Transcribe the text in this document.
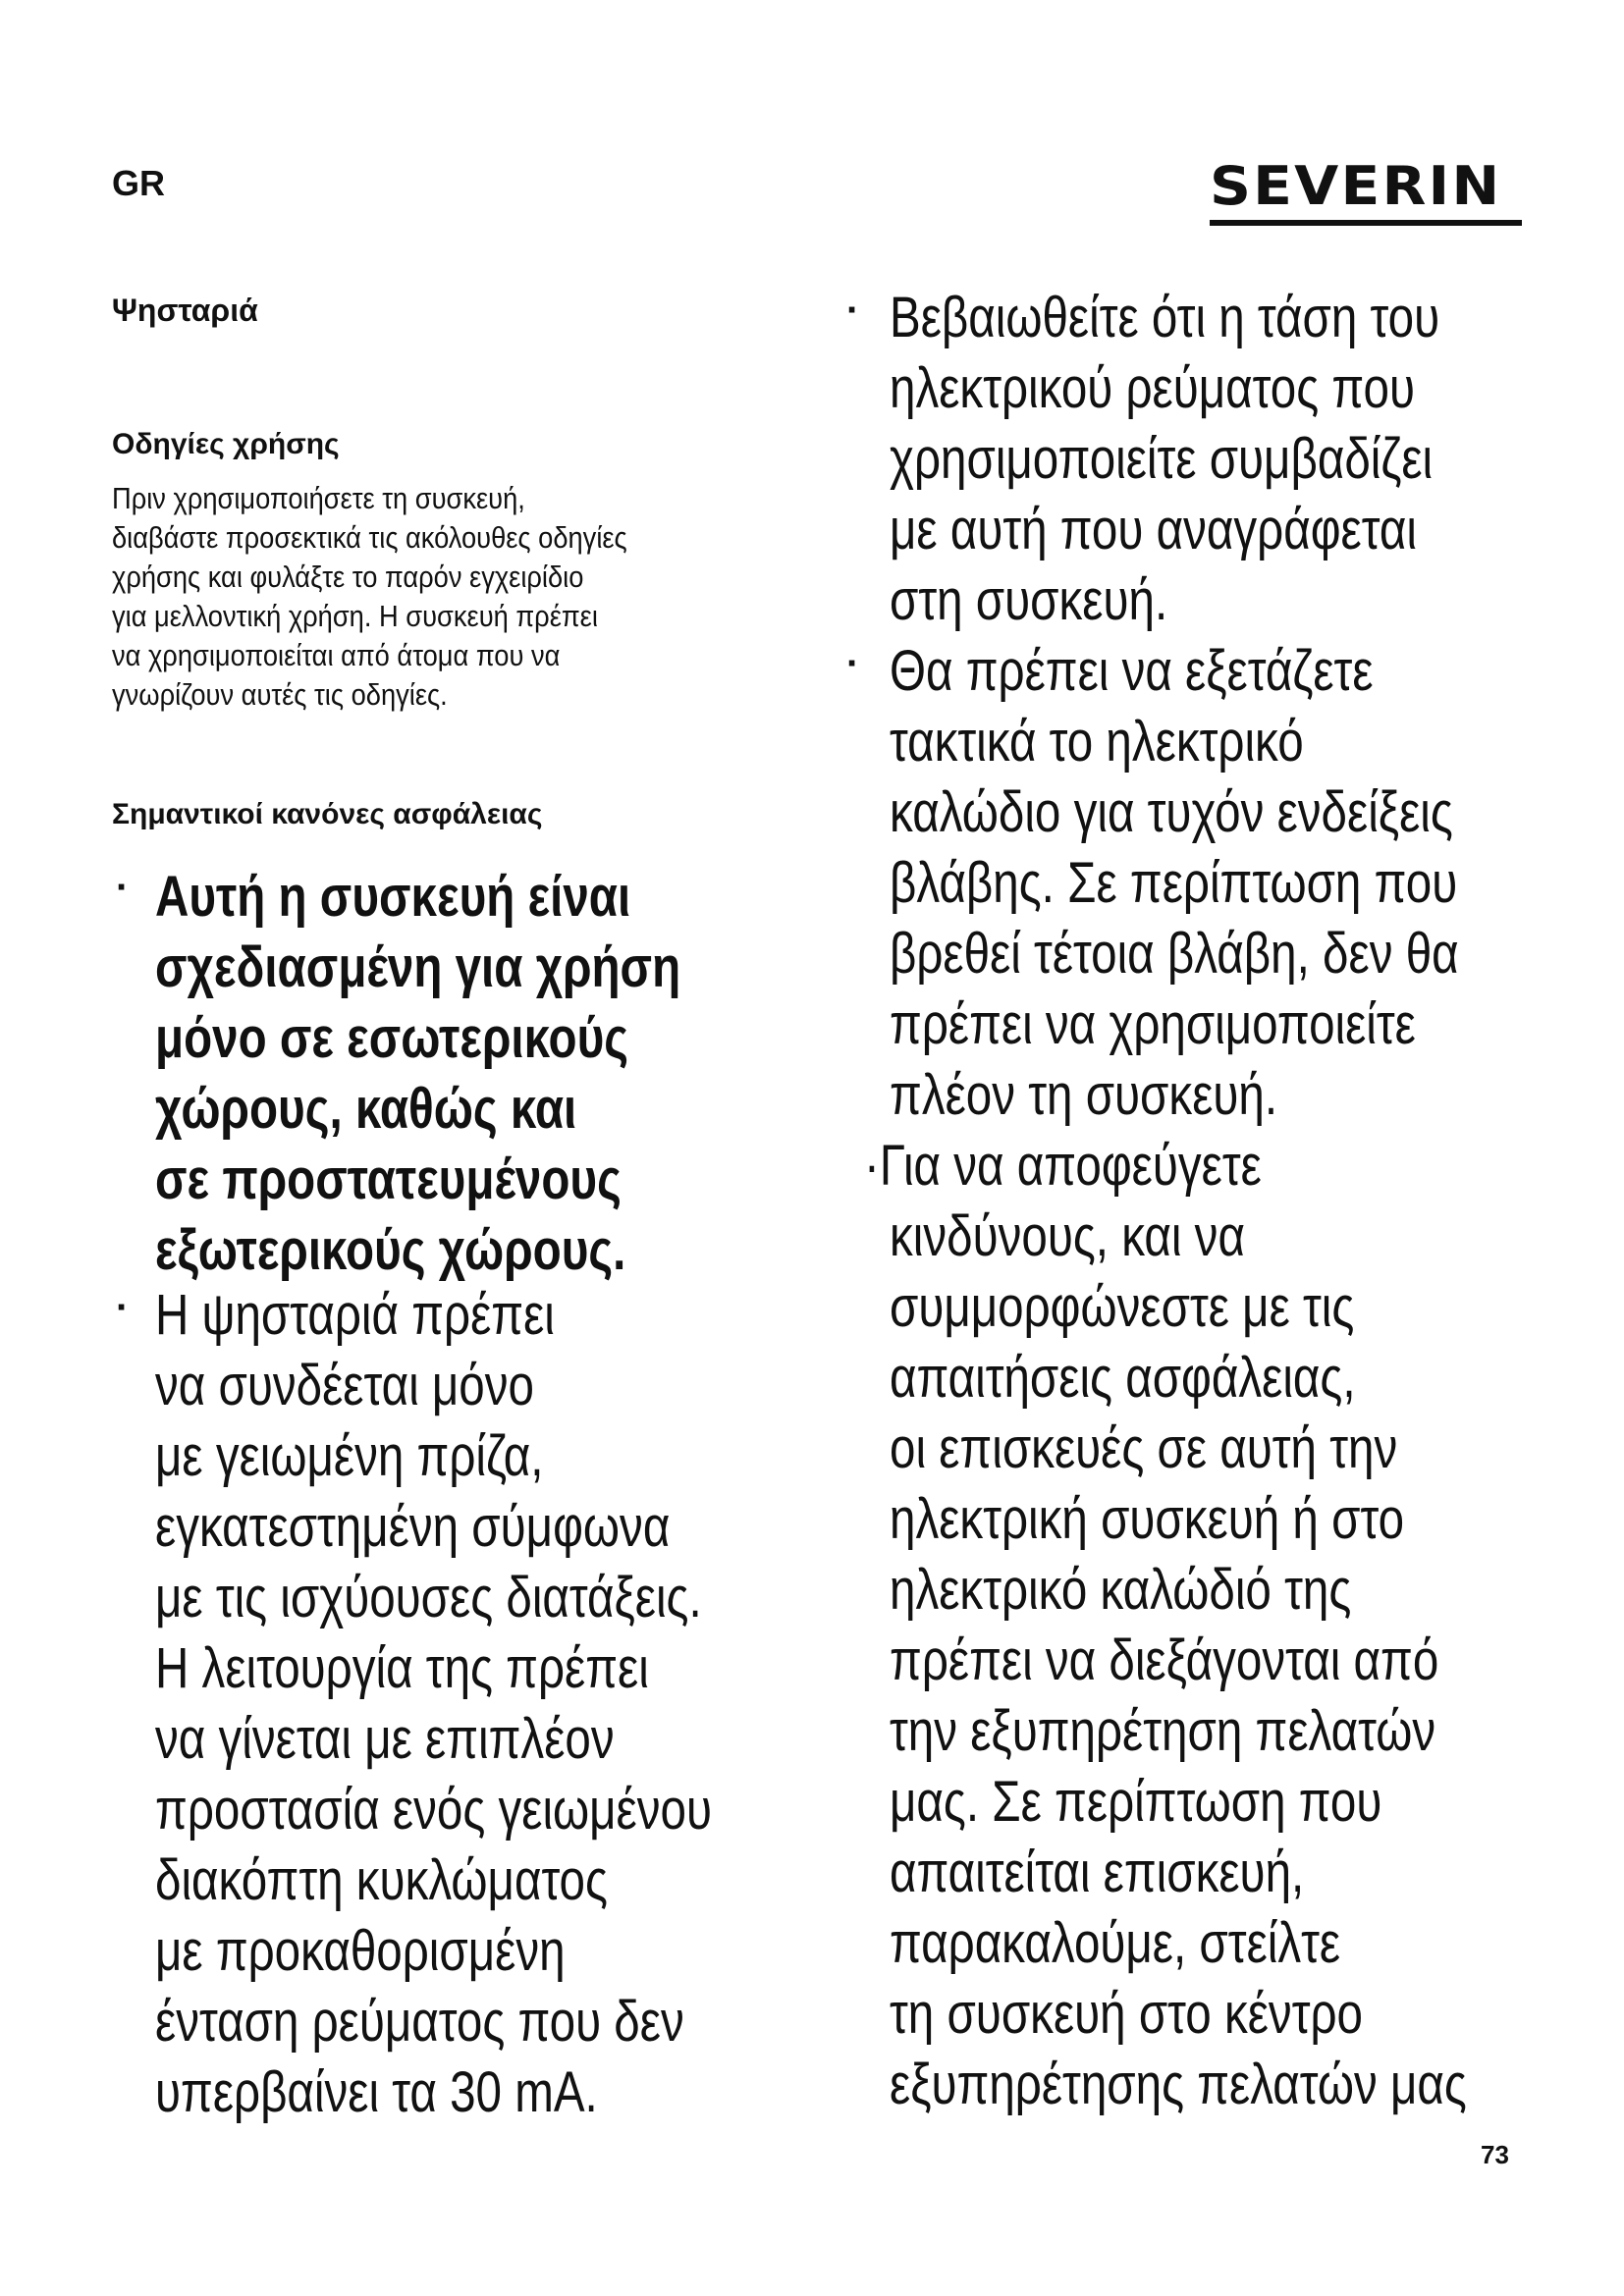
GR	SEVERIN
Ψησταριά
Οδηγίες χρήσης
Πριν χρησιμοποιήσετε τη συσκευή,
διαβάστε προσεκτικά τις ακόλουθες οδηγίες
χρήσης και φυλάξτε το παρόν εγχειρίδιο
για μελλοντική χρήση. Η συσκευή πρέπει
να χρησιμοποιείται από άτομα που να
γνωρίζουν αυτές τις οδηγίες.
Σημαντικοί κανόνες ασφάλειας
· Αυτή η συσκευή είναι
σχεδιασμένη για χρήση
μόνο σε εσωτερικούς
χώρους, καθώς και
σε προστατευμένους
εξωτερικούς χώρους.
· Η ψησταριά πρέπει
να συνδέεται μόνο
με γειωμένη πρίζα,
εγκατεστημένη σύμφωνα
με τις ισχύουσες διατάξεις.
Η λειτουργία της πρέπει
να γίνεται με επιπλέον
προστασία ενός γειωμένου
διακόπτη κυκλώματος
με προκαθορισμένη
ένταση ρεύματος που δεν
υπερβαίνει τα 30 mA.
· Βεβαιωθείτε ότι η τάση του
ηλεκτρικού ρεύματος που
χρησιμοποιείτε συμβαδίζει
με αυτή που αναγράφεται
στη συσκευή.
· Θα πρέπει να εξετάζετε
τακτικά το ηλεκτρικό
καλώδιο για τυχόν ενδείξεις
βλάβης. Σε περίπτωση που
βρεθεί τέτοια βλάβη, δεν θα
πρέπει να χρησιμοποιείτε
πλέον τη συσκευή.
·Για να αποφεύγετε
κινδύνους, και να
συμμορφώνεστε με τις
απαιτήσεις ασφάλειας,
οι επισκευές σε αυτή την
ηλεκτρική συσκευή ή στο
ηλεκτρικό καλώδιό της
πρέπει να διεξάγονται από
την εξυπηρέτηση πελατών
μας. Σε περίπτωση που
απαιτείται επισκευή,
παρακαλούμε, στείλτε
τη συσκευή στο κέντρο
εξυπηρέτησης πελατών μας
73
